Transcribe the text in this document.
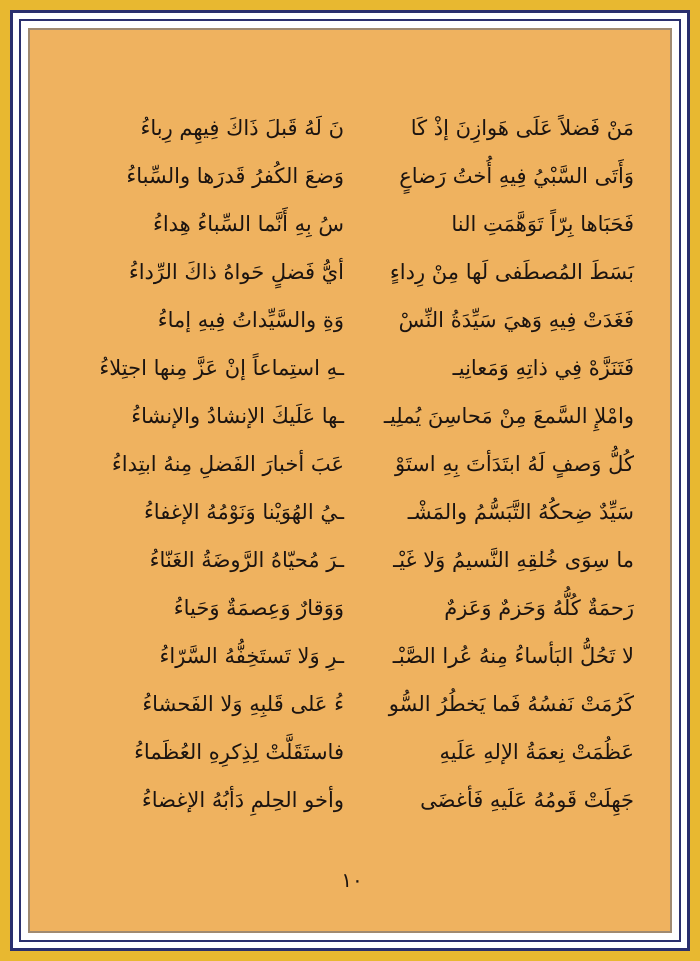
مَنْ فَضلاً عَلَى هَوازِنَ إذْ كَا
نَ لَهُ قَبلَ ذَاكَ فِيهِم رِباءُ
وَأَتَى السَّبْيُ فِيهِ أُختُ رَضاعٍ
وَضعَ الكُفرُ قَدرَها والسِّباءُ
فَحَبَاها بِرّاً تَوَهَّمَتِ النا
سُ بِهِ أَنَّما السِّباءُ هِداءُ
بَسَطَ المُصطَفى لَها مِنْ رِداءٍ
أيُّ فَضلٍ حَواهُ ذاكَ الرِّداءُ
فَغَدَتْ فِيهِ وَهيَ سَيِّدَةُ النِّسْ
وَةِ والسَّيِّداتُ فِيهِ إماءُ
فَتَنَزَّهْ فِي ذاتِهِ وَمَعانِيـ
ـهِ استِماعاً إنْ عَزَّ مِنها اجتِلاءُ
وامْلإِ السَّمعَ مِنْ مَحاسِنَ يُملِيـ
ـها عَلَيكَ الإنشادُ والإنشاءُ
كُلُّ وَصفٍ لَهُ ابتَدَأتَ بِهِ استَوْ
عَبَ أخبارَ الفَضلِ مِنهُ ابتِداءُ
سَيِّدٌ ضِحكُهُ التَّبَسُّمُ والمَشْـ
ـيُ الهُوَيْنا وَنَوْمُهُ الإغفاءُ
ما سِوَى خُلقِهِ النَّسيمُ وَلا غَيْـ
ـرَ مُحيّاهُ الرَّوضَةُ الغَنّاءُ
رَحمَةٌ كُلُّهُ وَحَزمٌ وَعَزمٌ
وَوَقارٌ وَعِصمَةٌ وَحَياءُ
لا تَحُلُّ البَأساءُ مِنهُ عُرا الصَّبْـ
ـرِ وَلا تَستَخِفُّهُ السَّرّاءُ
كَرُمَتْ نَفسُهُ فَما يَخطُرُ السُّو
ءُ عَلى قَلبِهِ وَلا الفَحشاءُ
عَظُمَتْ نِعمَةُ الإلهِ عَلَيهِ
فاستَقَلَّتْ لِذِكرِهِ العُظَماءُ
جَهِلَتْ قَومُهُ عَلَيهِ فَأغضَى
وأخو الحِلمِ دَأبُهُ الإغضاءُ
١٠
